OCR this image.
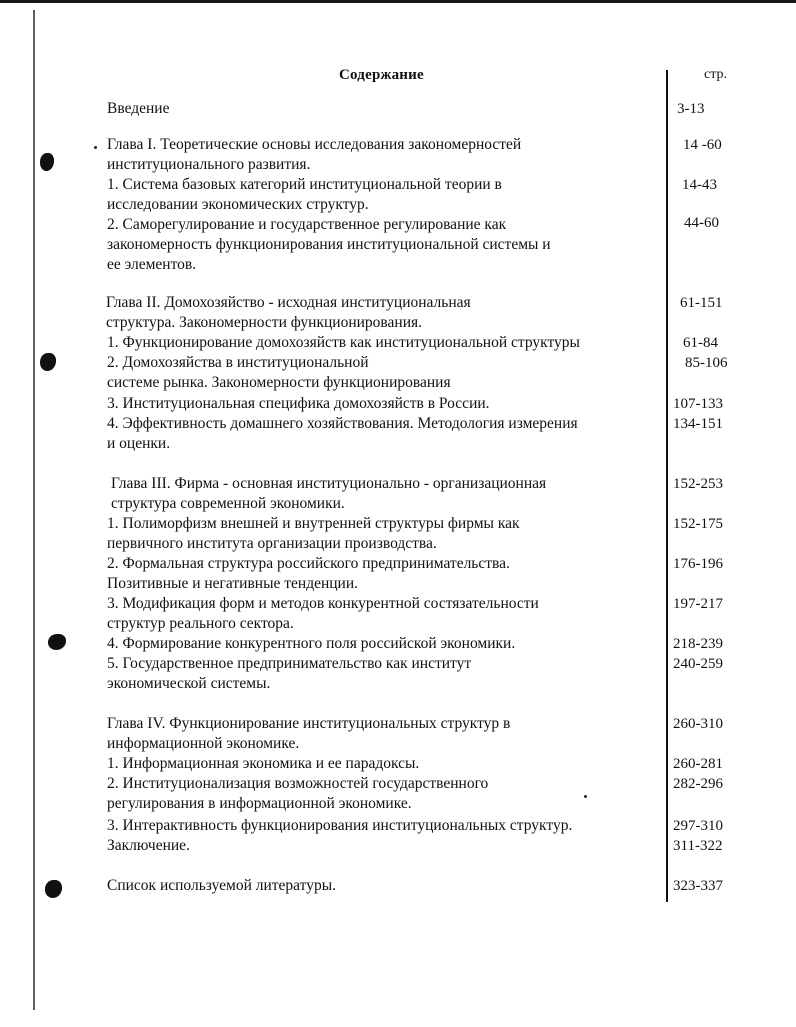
Содержание	стр.
Введение	3-13
Глава I. Теоретические основы исследования закономерностей
институционального развития.
14 -60
1. Система базовых категорий институциональной теории в
исследовании экономических структур.
14-43
2. Саморегулирование и государственное регулирование как
закономерность функционирования институциональной системы и
ее элементов.
44-60
Глава II. Домохозяйство - исходная институциональная
структура. Закономерности функционирования.
61-151
1. Функционирование домохозяйств как институциональной структуры	61-84
2. Домохозяйства в институциональной
системе рынка. Закономерности функционирования
85-106
3. Институциональная специфика домохозяйств в России.	107-133
4. Эффективность домашнего хозяйствования. Методология измерения
и оценки.
134-151
Глава III. Фирма - основная институционально - организационная
структура современной экономики.
152-253
1. Полиморфизм внешней и внутренней структуры фирмы как
первичного института организации производства.
152-175
2. Формальная структура российского предпринимательства.
Позитивные и негативные тенденции.
176-196
3. Модификация форм и методов конкурентной состязательности
структур реального сектора.
197-217
4. Формирование конкурентного поля российской экономики.	218-239
5. Государственное предпринимательство как институт
экономической системы.
240-259
Глава IV. Функционирование институциональных структур в
информационной экономике.
260-310
1. Информационная экономика и ее парадоксы.	260-281
2. Институционализация возможностей государственного
регулирования в информационной экономике.
282-296
3. Интерактивность функционирования институциональных структур.	297-310
Заключение.	311-322
Список используемой литературы.	323-337
